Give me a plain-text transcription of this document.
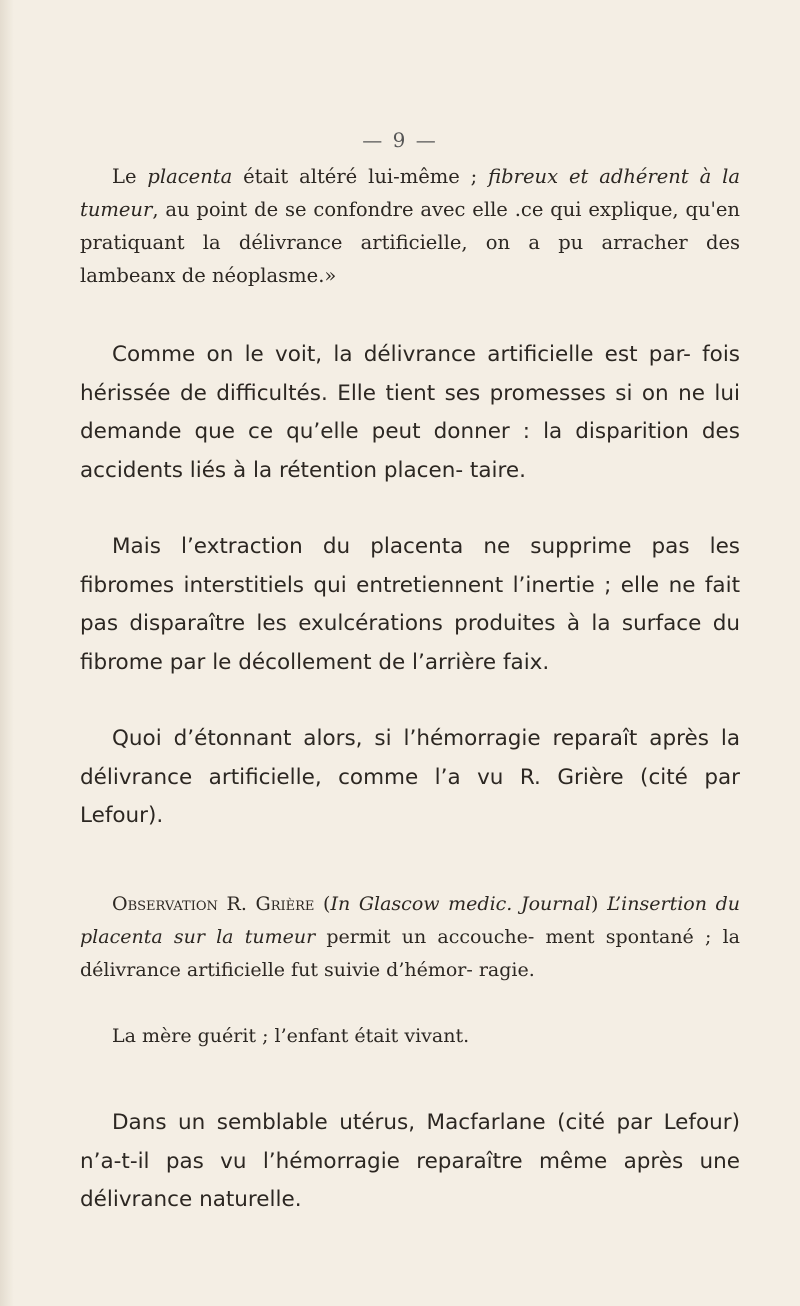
— 9 —

Le placenta était altéré lui-même ; fibreux et adhérent à la tumeur, au point de se confondre avec elle .ce qui explique, qu'en pratiquant la délivrance artificielle, on a pu arracher des lambeanx de néoplasme.»

Comme on le voit, la délivrance artificielle est par- fois hérissée de difficultés. Elle tient ses promesses si on ne lui demande que ce qu’elle peut donner : la disparition des accidents liés à la rétention placen- taire.

Mais l’extraction du placenta ne supprime pas les fibromes interstitiels qui entretiennent l’inertie ; elle ne fait pas disparaître les exulcérations produites à la surface du fibrome par le décollement de l’arrière faix.

Quoi d’étonnant alors, si l’hémorragie reparaît après la délivrance artificielle, comme l’a vu R. Grière (cité par Lefour).

Observation R. Grière (In Glascow medic. Journal) L’insertion du placenta sur la tumeur permit un accouche- ment spontané ; la délivrance artificielle fut suivie d’hémor- ragie.

La mère guérit ; l’enfant était vivant.

Dans un semblable utérus, Macfarlane (cité par Lefour) n’a-t-il pas vu l’hémorragie reparaître même après une délivrance naturelle.
